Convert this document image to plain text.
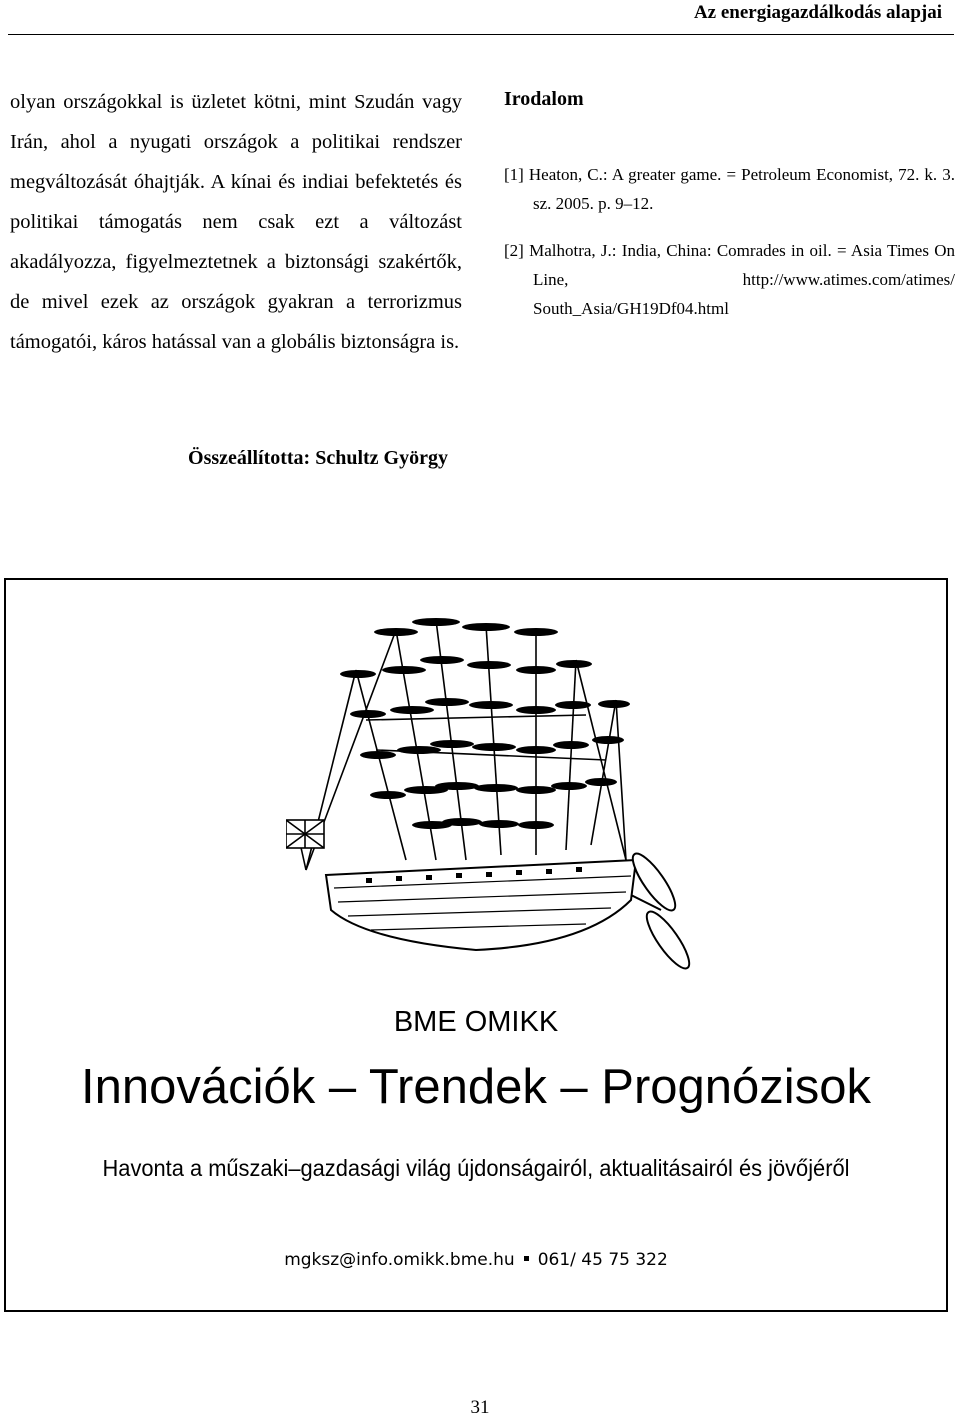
Az energiagazdálkodás alapjai
olyan országokkal is üzletet kötni, mint Szudán vagy Irán, ahol a nyugati országok a politikai rendszer megváltozását óhajtják. A kínai és indiai befektetés és politikai támogatás nem csak ezt a változást akadályozza, figyelmeztetnek a biztonsági szakértők, de mivel ezek az országok gyakran a terrorizmus támogatói, káros hatással van a globális biztonságra is.
Összeállította: Schultz György
Irodalom
[1] Heaton, C.: A greater game. = Petroleum Economist, 72. k. 3. sz. 2005. p. 9–12.
[2] Malhotra, J.: India, China: Comrades in oil. = Asia Times On Line, http://www.atimes.com/atimes/​South_Asia/GH19Df04.html
BME OMIKK
Innovációk – Trendek – Prognózisok
Havonta a műszaki–gazdasági világ újdonságairól, aktualitásairól és jövőjéről
mgksz@info.omikk.bme.hu 061/ 45 75 322
31
